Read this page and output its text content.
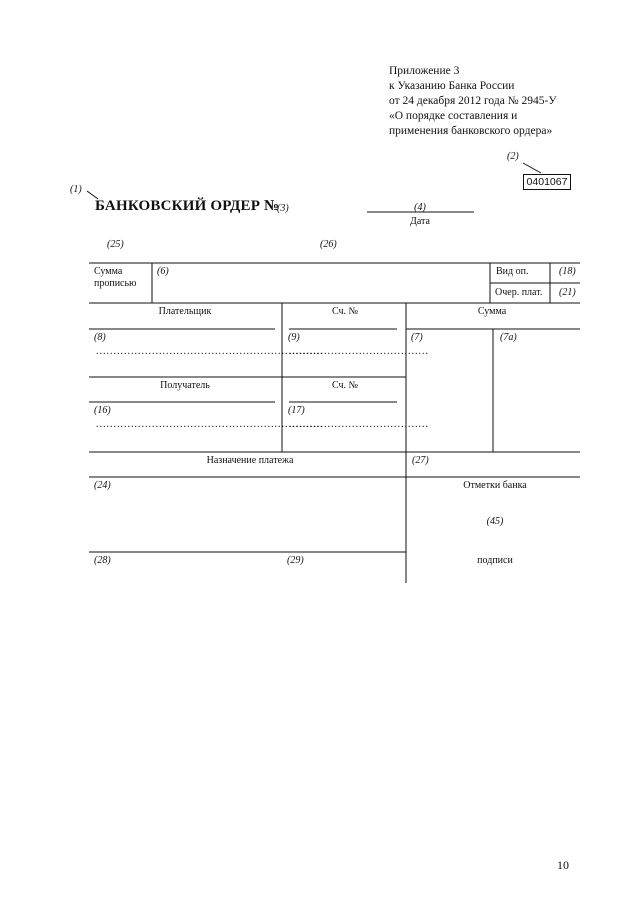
Приложение 3
к Указанию Банка России
от 24 декабря 2012 года № 2945-У
«О порядке составления и
применения банковского ордера»
(2)
0401067
(1)
БАНКОВСКИЙ ОРДЕР №
(3)	(4)
Дата
(25)	(26)
Сумма
прописью
(6)	Вид оп.	(18)
Очер. плат. (21)
Плательщик	Сч. №	Сумма
(8)	(9)	(7)	(7а)
.................................................................
........................................
Получатель	Сч. №
(16)	(17)
.................................................................
........................................
Назначение платежа	(27)
(24)	Отметки банка
(45)
(28)	(29)	подписи
10
